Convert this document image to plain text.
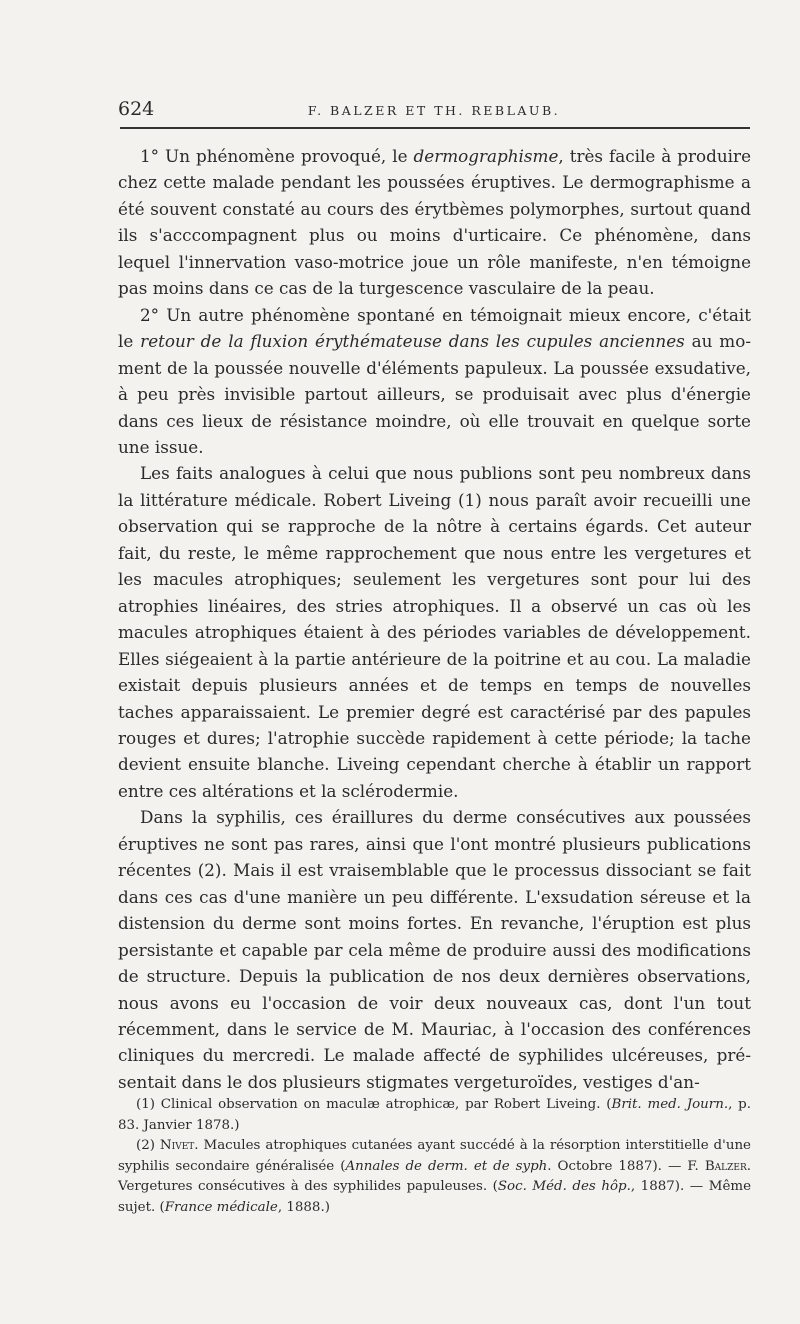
624	F. BALZER ET TH. REBLAUB.

1° Un phénomène provoqué, le dermographisme, très facile à produire chez cette malade pendant les poussées éruptives. Le dermographisme a été souvent constaté au cours des érytbèmes polymorphes, surtout quand ils s'acccompagnent plus ou moins d'urticaire. Ce phénomène, dans lequel l'innervation vaso-motrice joue un rôle manifeste, n'en témoigne pas moins dans ce cas de la turgescence vasculaire de la peau.

2° Un autre phénomène spontané en témoignait mieux encore, c'était le retour de la fluxion érythémateuse dans les cupules anciennes au moment de la poussée nouvelle d'éléments papuleux. La poussée exsudative, à peu près invisible partout ailleurs, se produisait avec plus d'énergie dans ces lieux de résistance moindre, où elle trouvait en quelque sorte une issue.

Les faits analogues à celui que nous publions sont peu nombreux dans la littérature médicale. Robert Liveing (1) nous paraît avoir recueilli une observation qui se rapproche de la nôtre à certains égards. Cet auteur fait, du reste, le même rapprochement que nous entre les vergetures et les macules atrophiques; seulement les vergetures sont pour lui des atrophies linéaires, des stries atrophiques. Il a observé un cas où les macules atrophiques étaient à des périodes variables de développement. Elles siégeaient à la partie antérieure de la poitrine et au cou. La maladie existait depuis plusieurs années et de temps en temps de nouvelles taches apparaissaient. Le premier degré est caractérisé par des papules rouges et dures; l'atrophie succède rapidement à cette période; la tache devient ensuite blanche. Liveing cependant cherche à établir un rapport entre ces altérations et la sclérodermie.

Dans la syphilis, ces éraillures du derme consécutives aux poussées éruptives ne sont pas rares, ainsi que l'ont montré plusieurs publications récentes (2). Mais il est vraisemblable que le processus dissociant se fait dans ces cas d'une manière un peu différente. L'exsudation séreuse et la distension du derme sont moins fortes. En revanche, l'éruption est plus persistante et capable par cela même de produire aussi des modifications de structure. Depuis la publication de nos deux dernières observations, nous avons eu l'occasion de voir deux nouveaux cas, dont l'un tout récemment, dans le service de M. Mauriac, à l'occasion des conférences cliniques du mercredi. Le malade affecté de syphilides ulcéreuses, présentait dans le dos plusieurs stigmates vergeturoïdes, vestiges d'an-

(1) Clinical observation on maculæ atrophicæ, par Robert Liveing. (Brit. med. Journ., p. 83. Janvier 1878.)

(2) Nivet. Macules atrophiques cutanées ayant succédé à la résorption interstitielle d'une syphilis secondaire généralisée (Annales de derm. et de syph. Octobre 1887). — F. Balzer. Vergetures consécutives à des syphilides papuleuses. (Soc. Méd. des hôp., 1887). — Même sujet. (France médicale, 1888.)
